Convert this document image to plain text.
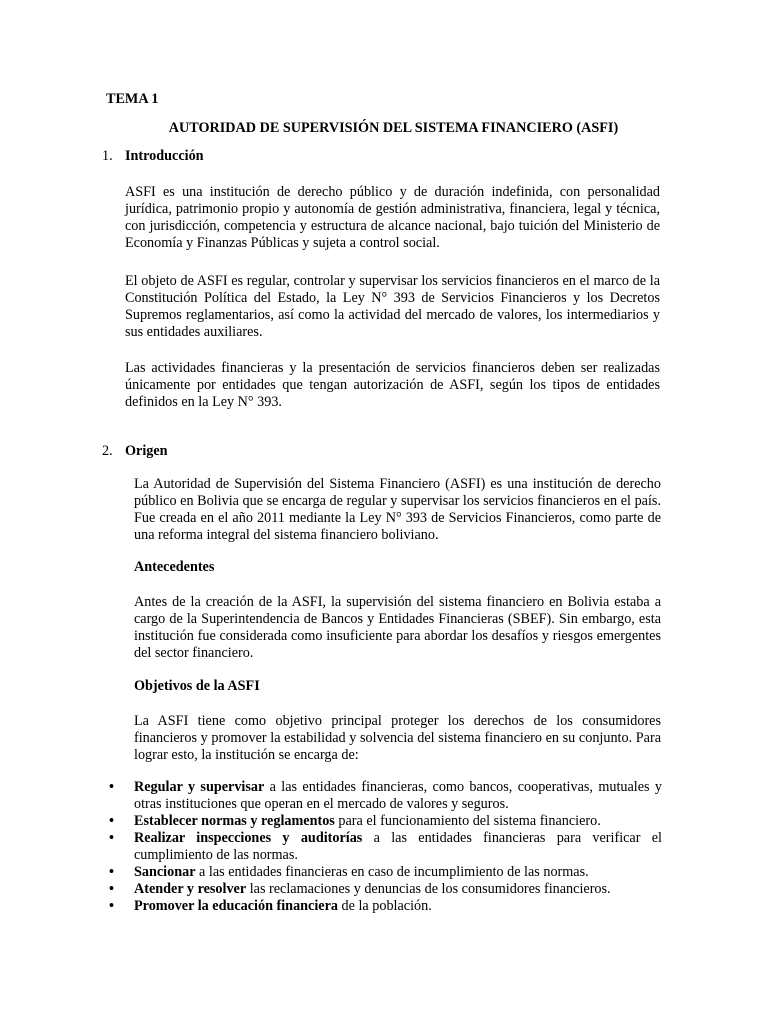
TEMA 1
AUTORIDAD DE SUPERVISIÓN DEL SISTEMA FINANCIERO (ASFI)
1. Introducción

ASFI es una institución de derecho público y de duración indefinida, con personalidad jurídica, patrimonio propio y autonomía de gestión administrativa, financiera, legal y técnica, con jurisdicción, competencia y estructura de alcance nacional, bajo tuición del Ministerio de Economía y Finanzas Públicas y sujeta a control social.

El objeto de ASFI es regular, controlar y supervisar los servicios financieros en el marco de la Constitución Política del Estado, la Ley N° 393 de Servicios Financieros y los Decretos Supremos reglamentarios, así como la actividad del mercado de valores, los intermediarios y sus entidades auxiliares.

Las actividades financieras y la presentación de servicios financieros deben ser realizadas únicamente por entidades que tengan autorización de ASFI, según los tipos de entidades definidos en la Ley N° 393.

2. Origen

La Autoridad de Supervisión del Sistema Financiero (ASFI) es una institución de derecho público en Bolivia que se encarga de regular y supervisar los servicios financieros en el país. Fue creada en el año 2011 mediante la Ley N° 393 de Servicios Financieros, como parte de una reforma integral del sistema financiero boliviano.

Antecedentes

Antes de la creación de la ASFI, la supervisión del sistema financiero en Bolivia estaba a cargo de la Superintendencia de Bancos y Entidades Financieras (SBEF). Sin embargo, esta institución fue considerada como insuficiente para abordar los desafíos y riesgos emergentes del sector financiero.

Objetivos de la ASFI

La ASFI tiene como objetivo principal proteger los derechos de los consumidores financieros y promover la estabilidad y solvencia del sistema financiero en su conjunto. Para lograr esto, la institución se encarga de:

• Regular y supervisar a las entidades financieras, como bancos, cooperativas, mutuales y otras instituciones que operan en el mercado de valores y seguros.
• Establecer normas y reglamentos para el funcionamiento del sistema financiero.
• Realizar inspecciones y auditorías a las entidades financieras para verificar el cumplimiento de las normas.
• Sancionar a las entidades financieras en caso de incumplimiento de las normas.
• Atender y resolver las reclamaciones y denuncias de los consumidores financieros.
• Promover la educación financiera de la población.
